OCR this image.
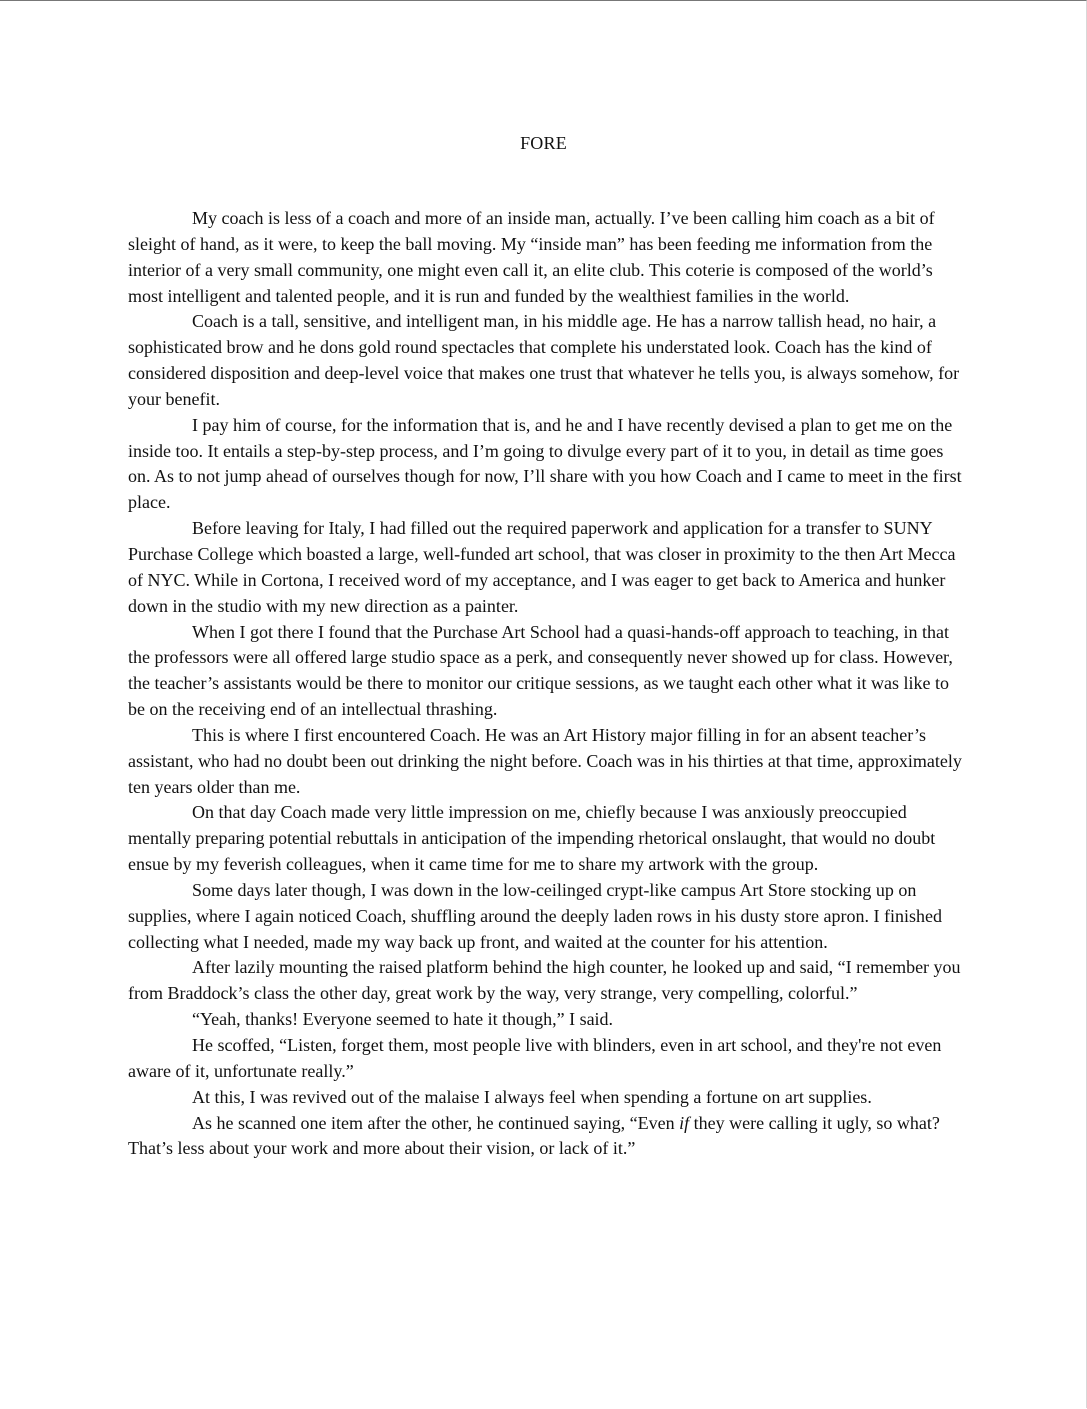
FORE

My coach is less of a coach and more of an inside man, actually. I’ve been calling him coach as a bit of sleight of hand, as it were, to keep the ball moving. My “inside man” has been feeding me information from the interior of a very small community, one might even call it, an elite club. This coterie is composed of the world’s most intelligent and talented people, and it is run and funded by the wealthiest families in the world.

Coach is a tall, sensitive, and intelligent man, in his middle age. He has a narrow tallish head, no hair, a sophisticated brow and he dons gold round spectacles that complete his understated look. Coach has the kind of considered disposition and deep-level voice that makes one trust that whatever he tells you, is always somehow, for your benefit.

I pay him of course, for the information that is, and he and I have recently devised a plan to get me on the inside too. It entails a step-by-step process, and I’m going to divulge every part of it to you, in detail as time goes on. As to not jump ahead of ourselves though for now, I’ll share with you how Coach and I came to meet in the first place.

Before leaving for Italy, I had filled out the required paperwork and application for a transfer to SUNY Purchase College which boasted a large, well-funded art school, that was closer in proximity to the then Art Mecca of NYC. While in Cortona, I received word of my acceptance, and I was eager to get back to America and hunker down in the studio with my new direction as a painter.

When I got there I found that the Purchase Art School had a quasi-hands-off approach to teaching, in that the professors were all offered large studio space as a perk, and consequently never showed up for class. However, the teacher’s assistants would be there to monitor our critique sessions, as we taught each other what it was like to be on the receiving end of an intellectual thrashing.

This is where I first encountered Coach. He was an Art History major filling in for an absent teacher’s assistant, who had no doubt been out drinking the night before. Coach was in his thirties at that time, approximately ten years older than me.

On that day Coach made very little impression on me, chiefly because I was anxiously preoccupied mentally preparing potential rebuttals in anticipation of the impending rhetorical onslaught, that would no doubt ensue by my feverish colleagues, when it came time for me to share my artwork with the group.

Some days later though, I was down in the low-ceilinged crypt-like campus Art Store stocking up on supplies, where I again noticed Coach, shuffling around the deeply laden rows in his dusty store apron. I finished collecting what I needed, made my way back up front, and waited at the counter for his attention.

After lazily mounting the raised platform behind the high counter, he looked up and said, “I remember you from Braddock’s class the other day, great work by the way, very strange, very compelling, colorful.”

“Yeah, thanks! Everyone seemed to hate it though,” I said.

He scoffed, “Listen, forget them, most people live with blinders, even in art school, and they're not even aware of it, unfortunate really.”

At this, I was revived out of the malaise I always feel when spending a fortune on art supplies.

As he scanned one item after the other, he continued saying, “Even if they were calling it ugly, so what? That’s less about your work and more about their vision, or lack of it.”
